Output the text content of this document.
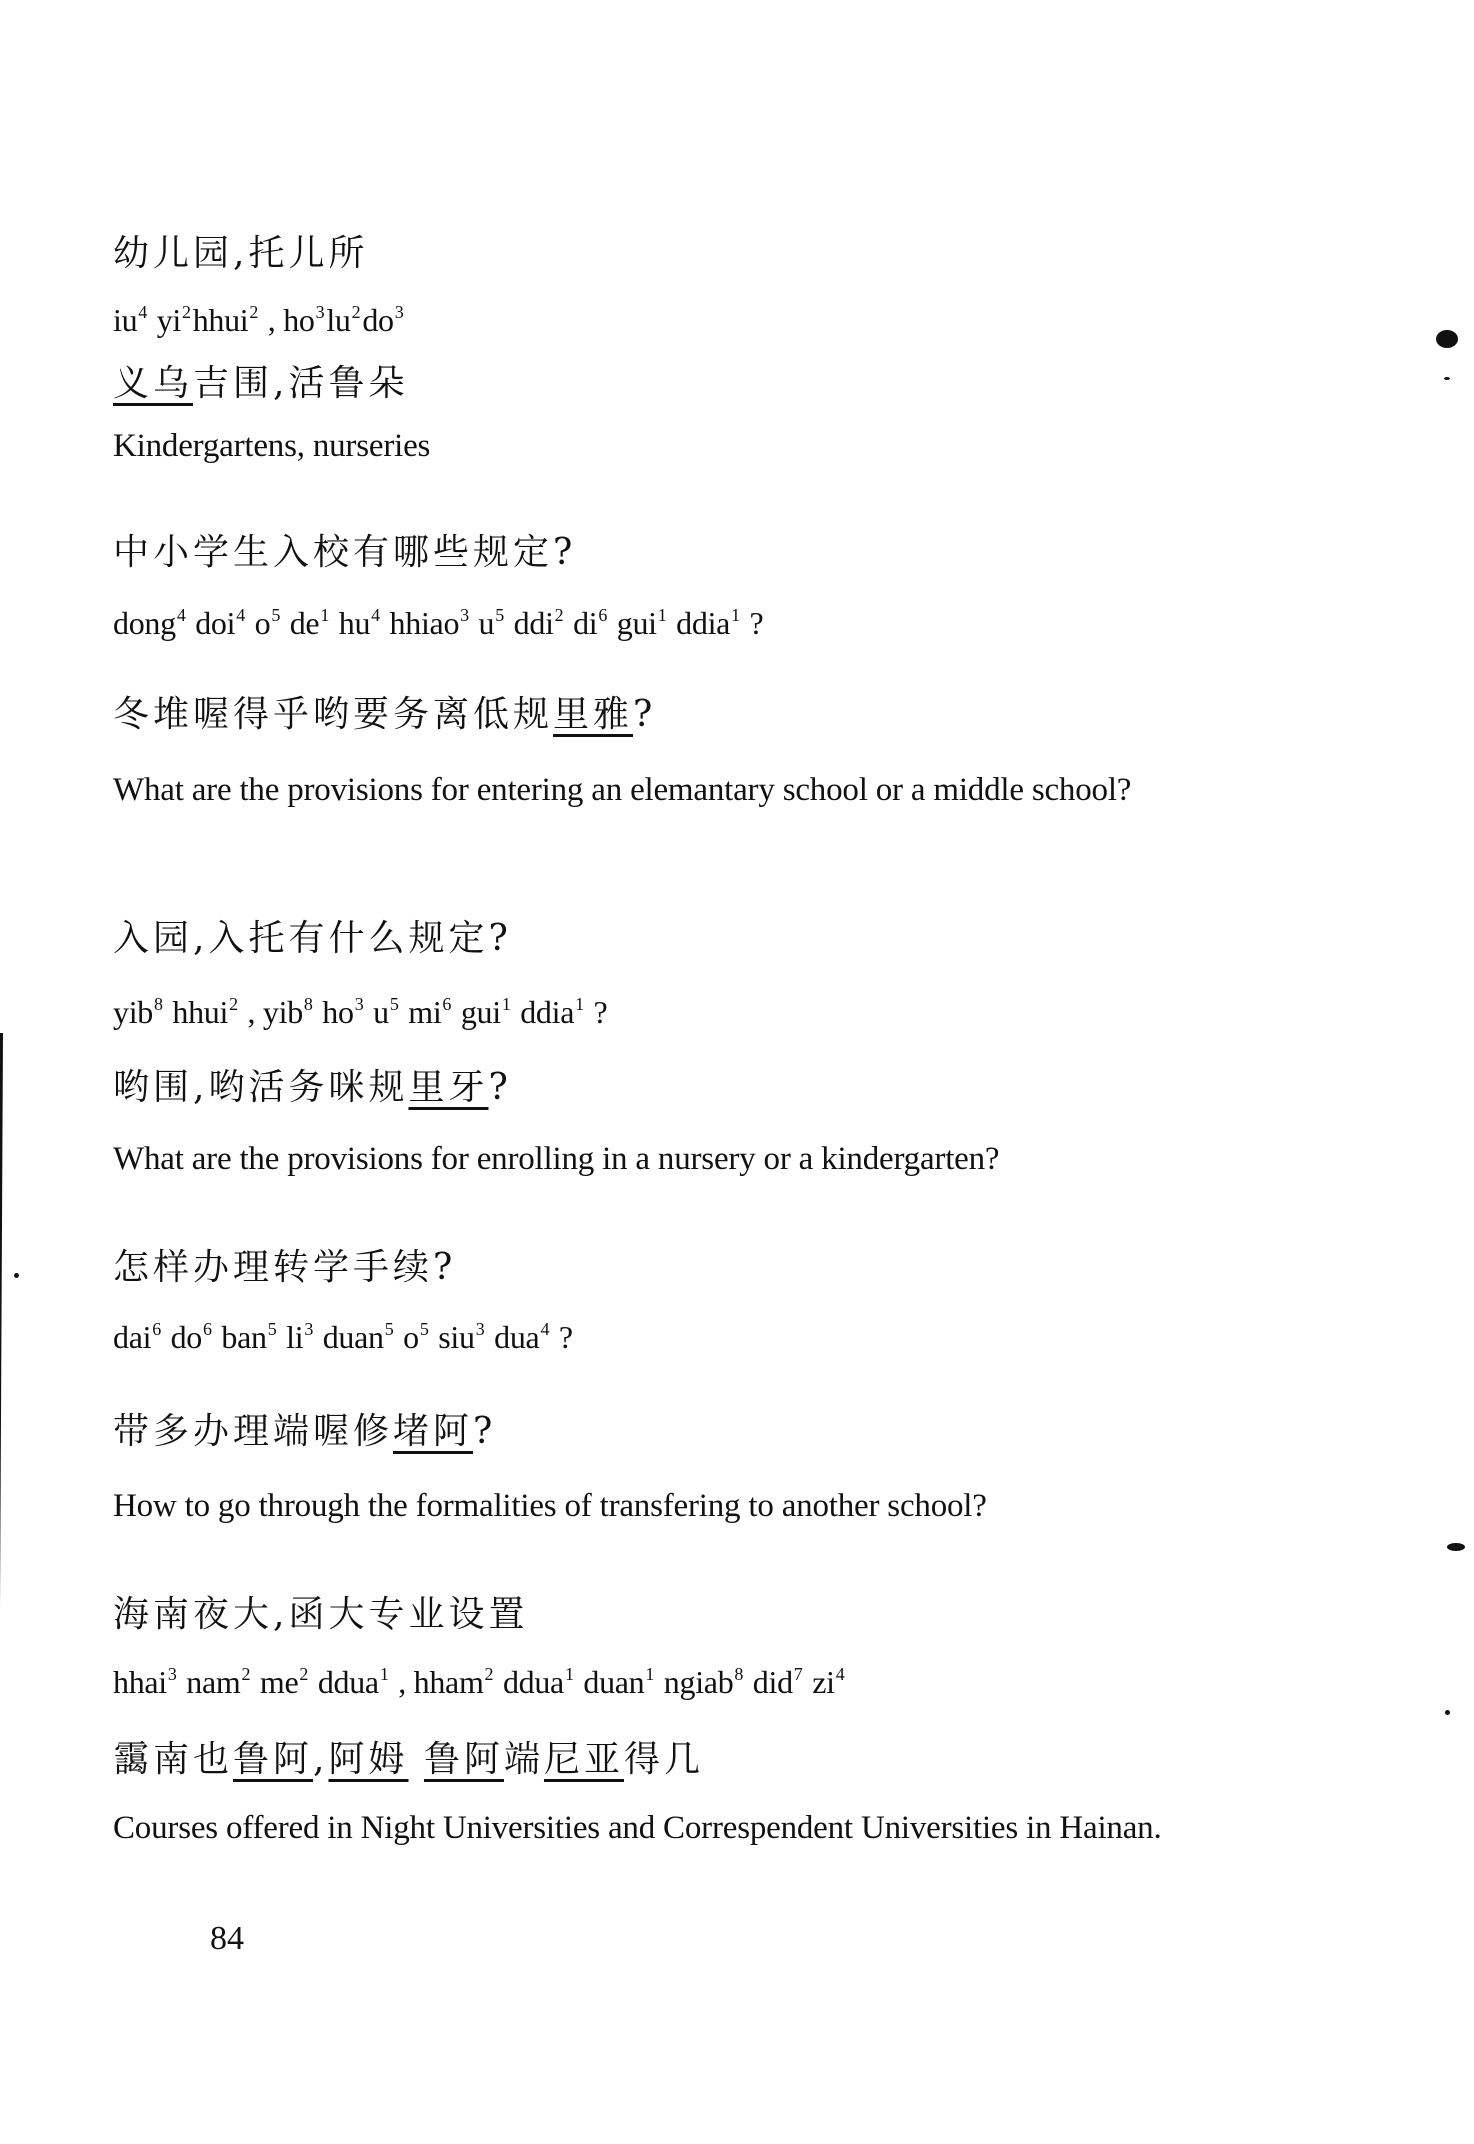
幼儿园,托儿所
$iu^4$ $yi^2hhui^2$ , $ho^3lu^2do^3$
义乌吉围,活鲁朵
Kindergartens, nurseries
中小学生入校有哪些规定?
dong$^4$ doi$^4$ $o^5$ $de^1$ $hu^4$ hhiao$^3$ $u^5$ ddi$^2$ $di^6$ gui$^1$ ddia$^1$ ?
冬堆喔得乎哟要务离低规里雅?
What are the provisions for entering an elemantary school or a middle school?
入园,入托有什么规定?
yib$^8$ hhui$^2$ , yib$^8$ $ho^3$ $u^5$ $mi^6$ gui$^1$ ddia$^1$ ?
哟围,哟活务咪规里牙?
What are the provisions for enrolling in a nursery or a kindergarten?
怎样办理转学手续?
dai$^6$ $do^6$ ban$^5$ $li^3$ duan$^5$ $o^5$ siu$^3$ dua$^4$ ?
带多办理端喔修堵阿?
How to go through the formalities of transfering to another school?
海南夜大,函大专业设置
hhai$^3$ nam$^2$ $me^2$ ddua$^1$ , hham$^2$ ddua$^1$ duan$^1$ ngiab$^8$ did$^7$ $zi^4$
靄南也鲁阿,阿姆 鲁阿端尼亚得几
Courses offered in Night Universities and Correspendent Universities in Hainan.
84
